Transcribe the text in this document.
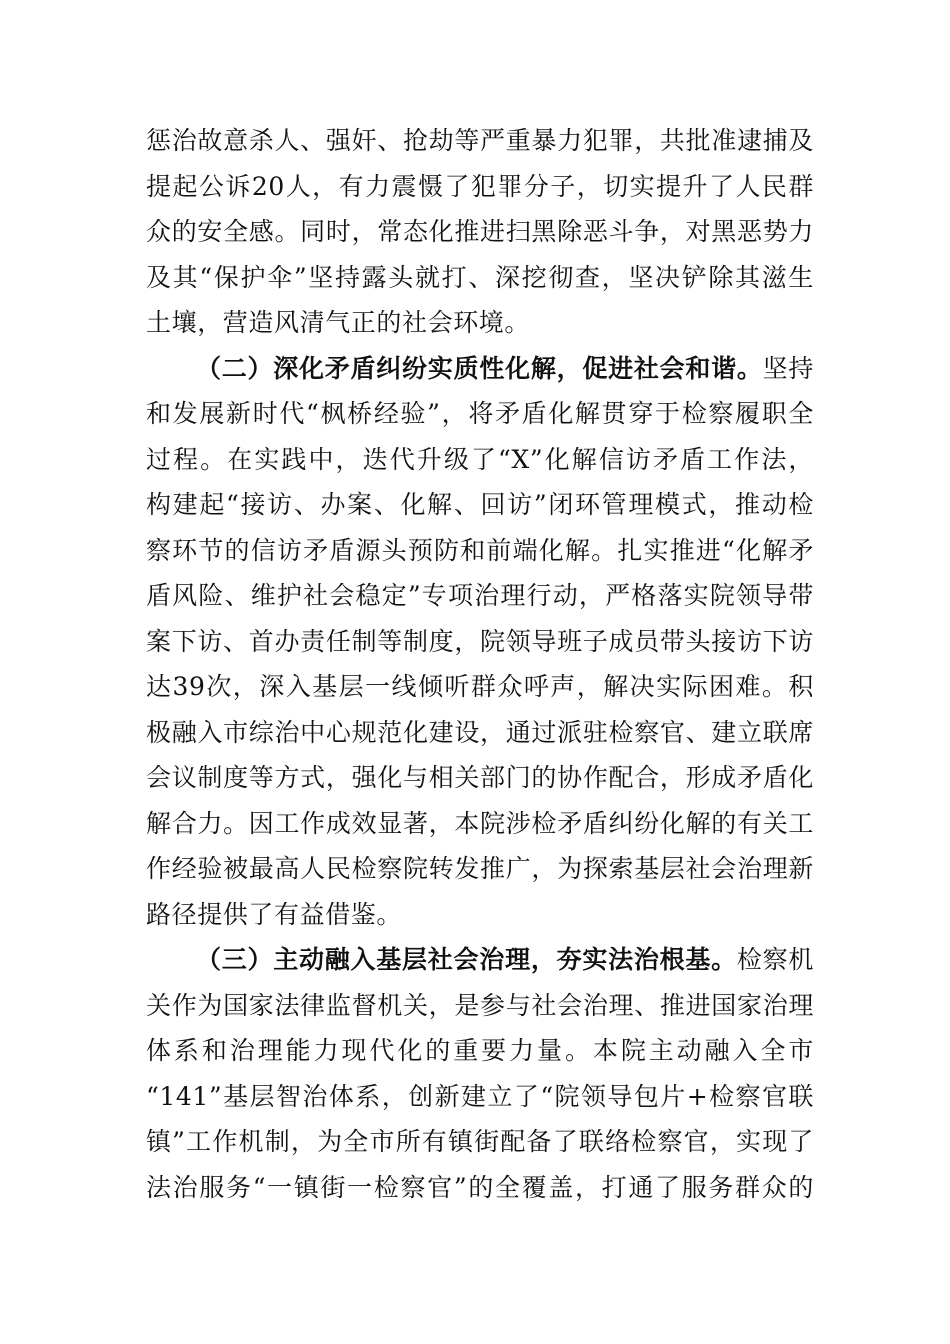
惩治故意杀人、强奸、抢劫等严重暴力犯罪，共批准逮捕及
提起公诉20人，有力震慑了犯罪分子，切实提升了人民群
众的安全感。同时，常态化推进扫黑除恶斗争，对黑恶势力
及其“保护伞”坚持露头就打、深挖彻查，坚决铲除其滋生
土壤，营造风清气正的社会环境。
（二）深化矛盾纠纷实质性化解，促进社会和谐。坚持
和发展新时代“枫桥经验”，将矛盾化解贯穿于检察履职全
过程。在实践中，迭代升级了“X”化解信访矛盾工作法，
构建起“接访、办案、化解、回访”闭环管理模式，推动检
察环节的信访矛盾源头预防和前端化解。扎实推进“化解矛
盾风险、维护社会稳定”专项治理行动，严格落实院领导带
案下访、首办责任制等制度，院领导班子成员带头接访下访
达39次，深入基层一线倾听群众呼声，解决实际困难。积
极融入市综治中心规范化建设，通过派驻检察官、建立联席
会议制度等方式，强化与相关部门的协作配合，形成矛盾化
解合力。因工作成效显著，本院涉检矛盾纠纷化解的有关工
作经验被最高人民检察院转发推广，为探索基层社会治理新
路径提供了有益借鉴。
（三）主动融入基层社会治理，夯实法治根基。检察机
关作为国家法律监督机关，是参与社会治理、推进国家治理
体系和治理能力现代化的重要力量。本院主动融入全市
“141”基层智治体系，创新建立了“院领导包片+检察官联
镇”工作机制，为全市所有镇街配备了联络检察官，实现了
法治服务“一镇街一检察官”的全覆盖，打通了服务群众的
